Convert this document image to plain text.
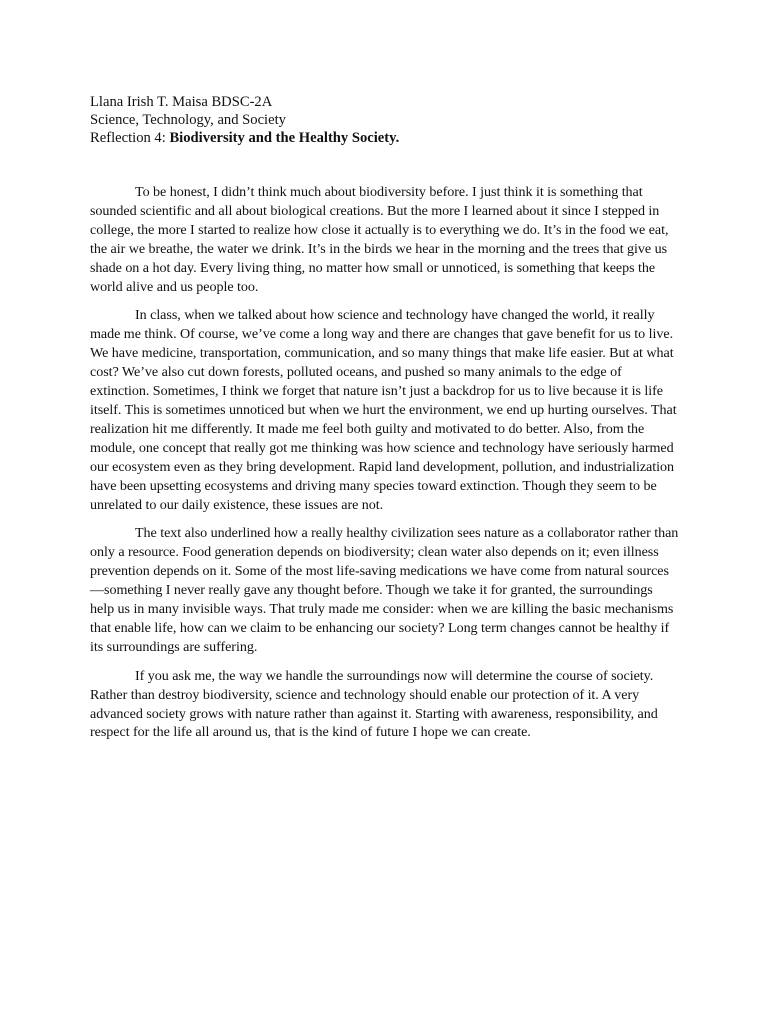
Llana Irish T. Maisa BDSC-2A

Science, Technology, and Society

Reflection 4: Biodiversity and the Healthy Society.

To be honest, I didn’t think much about biodiversity before. I just think it is something that sounded scientific and all about biological creations. But the more I learned about it since I stepped in college, the more I started to realize how close it actually is to everything we do. It’s in the food we eat, the air we breathe, the water we drink. It’s in the birds we hear in the morning and the trees that give us shade on a hot day. Every living thing, no matter how small or unnoticed, is something that keeps the world alive and us people too.

In class, when we talked about how science and technology have changed the world, it really made me think. Of course, we’ve come a long way and there are changes that gave benefit for us to live. We have medicine, transportation, communication, and so many things that make life easier. But at what cost? We’ve also cut down forests, polluted oceans, and pushed so many animals to the edge of extinction. Sometimes, I think we forget that nature isn’t just a backdrop for us to live because it is life itself. This is sometimes unnoticed but when we hurt the environment, we end up hurting ourselves. That realization hit me differently. It made me feel both guilty and motivated to do better. Also, from the module, one concept that really got me thinking was how science and technology have seriously harmed our ecosystem even as they bring development. Rapid land development, pollution, and industrialization have been upsetting ecosystems and driving many species toward extinction. Though they seem to be unrelated to our daily existence, these issues are not.

The text also underlined how a really healthy civilization sees nature as a collaborator rather than only a resource. Food generation depends on biodiversity; clean water also depends on it; even illness prevention depends on it. Some of the most life-saving medications we have come from natural sources—something I never really gave any thought before. Though we take it for granted, the surroundings help us in many invisible ways. That truly made me consider: when we are killing the basic mechanisms that enable life, how can we claim to be enhancing our society? Long term changes cannot be healthy if its surroundings are suffering.

If you ask me, the way we handle the surroundings now will determine the course of society. Rather than destroy biodiversity, science and technology should enable our protection of it. A very advanced society grows with nature rather than against it. Starting with awareness, responsibility, and respect for the life all around us, that is the kind of future I hope we can create.
